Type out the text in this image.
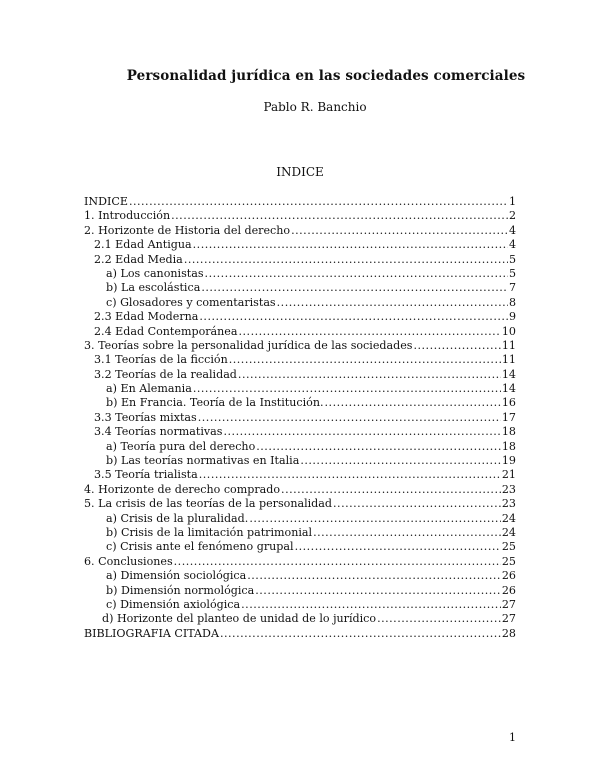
Personalidad jurídica en las sociedades comerciales
Pablo R. Banchio
INDICE
INDICE .....	1
1. Introducción .....	2
2. Horizonte de Historia del derecho .....	4
2.1 Edad Antigua .....	4
2.2 Edad Media .....	5
a) Los canonistas .....	5
b) La escolástica .....	7
c) Glosadores y comentaristas .....	8
2.3 Edad Moderna .....	9
2.4 Edad Contemporánea .....	10
3. Teorías sobre la personalidad jurídica de las sociedades .....	11
3.1 Teorías de la ficción .....	11
3.2 Teorías de la realidad .....	14
a) En Alemania .....	14
b) En Francia. Teoría de la Institución. .....	16
3.3 Teorías mixtas .....	17
3.4 Teorías normativas .....	18
a) Teoría pura del derecho .....	18
b) Las teorías normativas en Italia .....	19
3.5 Teoría trialista .....	21
4. Horizonte de derecho comprado .....	23
5. La crisis de las teorías de la personalidad .....	23
a) Crisis de la pluralidad. .....	24
b) Crisis de la limitación patrimonial .....	24
c) Crisis ante el fenómeno grupal .....	25
6. Conclusiones .....	25
a) Dimensión sociológica .....	26
b) Dimensión normológica .....	26
c) Dimensión axiológica .....	27
d) Horizonte del planteo de unidad de lo jurídico .....	27
BIBLIOGRAFIA CITADA .....	28
1
